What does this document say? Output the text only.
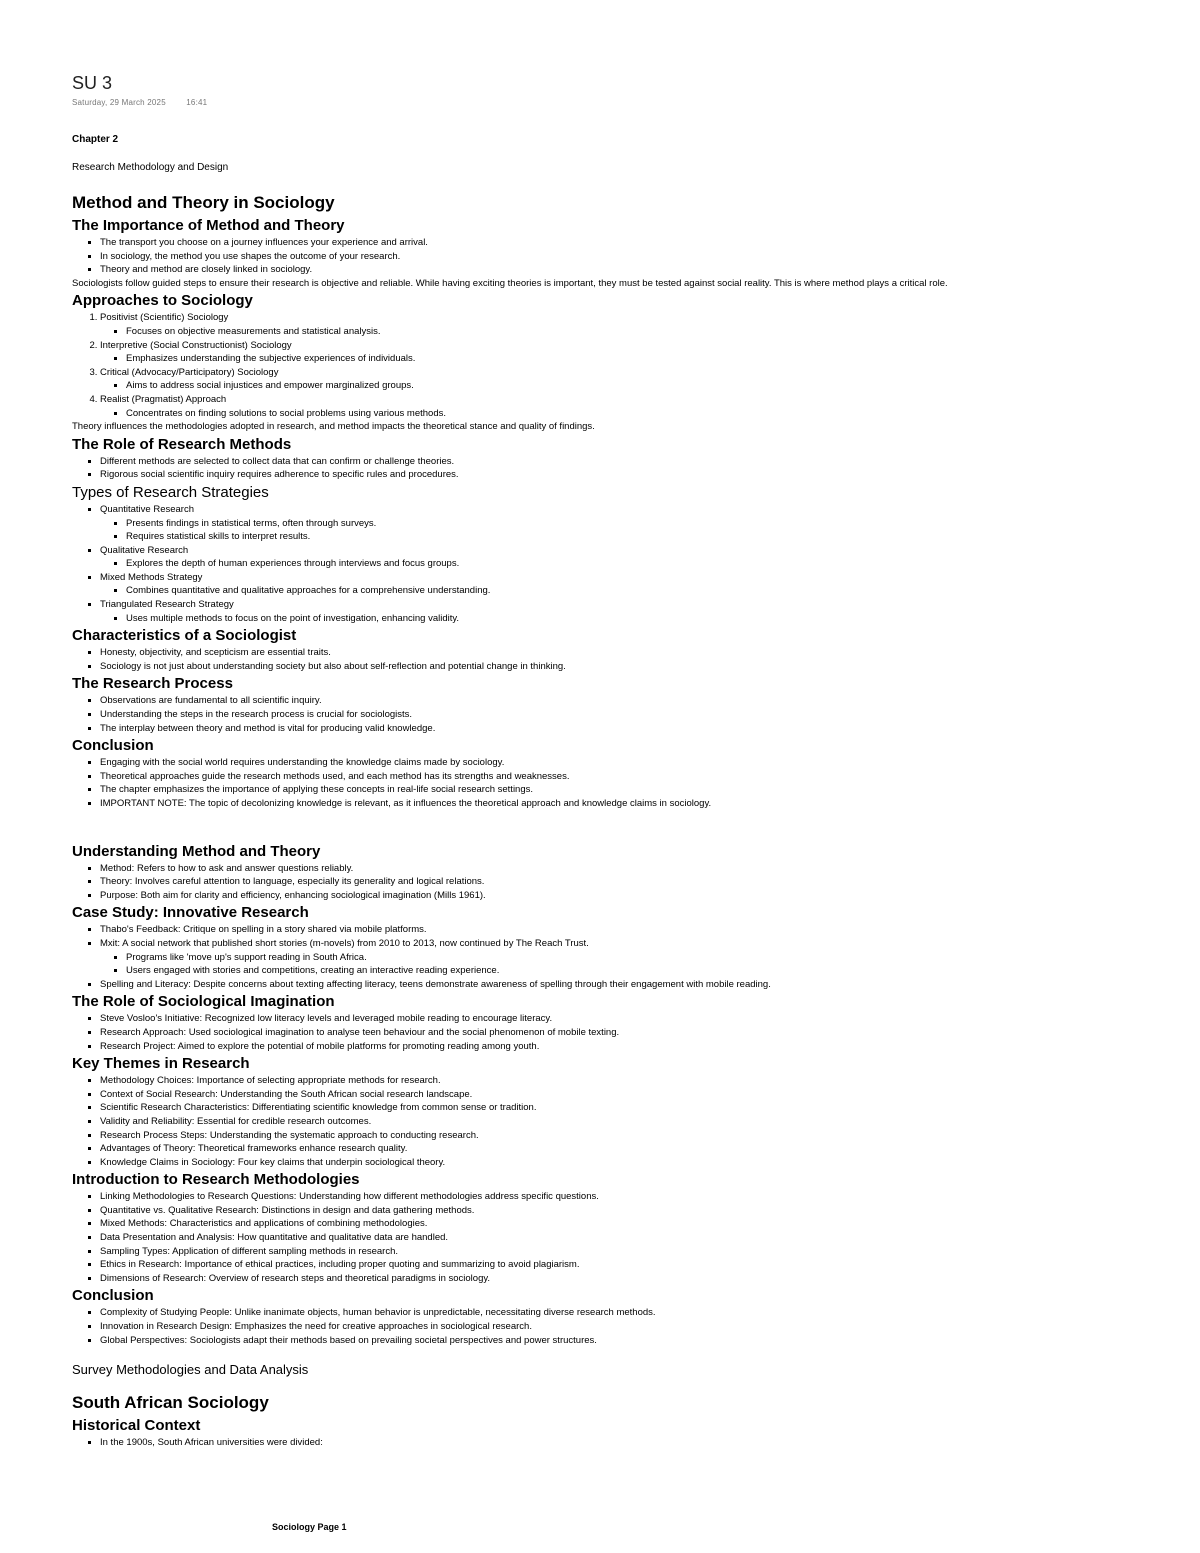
SU 3
Saturday, 29 March 2025	16:41

Chapter 2

Research Methodology and Design

Method and Theory in Sociology
The Importance of Method and Theory
▪ The transport you choose on a journey influences your experience and arrival.
▪ In sociology, the method you use shapes the outcome of your research.
▪ Theory and method are closely linked in sociology.

Sociologists follow guided steps to ensure their research is objective and reliable. While having exciting theories is important, they must be tested against social reality. This is where method plays a critical role.

Approaches to Sociology
1. Positivist (Scientific) Sociology
▪ Focuses on objective measurements and statistical analysis.
2. Interpretive (Social Constructionist) Sociology
▪ Emphasizes understanding the subjective experiences of individuals.
3. Critical (Advocacy/Participatory) Sociology
▪ Aims to address social injustices and empower marginalized groups.
4. Realist (Pragmatist) Approach
▪ Concentrates on finding solutions to social problems using various methods.

Theory influences the methodologies adopted in research, and method impacts the theoretical stance and quality of findings.

The Role of Research Methods
▪ Different methods are selected to collect data that can confirm or challenge theories.
▪ Rigorous social scientific inquiry requires adherence to specific rules and procedures.
Types of Research Strategies
▪ Quantitative Research
▪ Presents findings in statistical terms, often through surveys.
▪ Requires statistical skills to interpret results.
▪ Qualitative Research
▪ Explores the depth of human experiences through interviews and focus groups.
▪ Mixed Methods Strategy
▪ Combines quantitative and qualitative approaches for a comprehensive understanding.
▪ Triangulated Research Strategy
▪ Uses multiple methods to focus on the point of investigation, enhancing validity.
Characteristics of a Sociologist
▪ Honesty, objectivity, and scepticism are essential traits.
▪ Sociology is not just about understanding society but also about self-reflection and potential change in thinking.
The Research Process
▪ Observations are fundamental to all scientific inquiry.
▪ Understanding the steps in the research process is crucial for sociologists.
▪ The interplay between theory and method is vital for producing valid knowledge.
Conclusion
▪ Engaging with the social world requires understanding the knowledge claims made by sociology.
▪ Theoretical approaches guide the research methods used, and each method has its strengths and weaknesses.
▪ The chapter emphasizes the importance of applying these concepts in real-life social research settings.
▪ IMPORTANT NOTE: The topic of decolonizing knowledge is relevant, as it influences the theoretical approach and knowledge claims in sociology.
Understanding Method and Theory
▪ Method: Refers to how to ask and answer questions reliably.
▪ Theory: Involves careful attention to language, especially its generality and logical relations.
▪ Purpose: Both aim for clarity and efficiency, enhancing sociological imagination (Mills 1961).
Case Study: Innovative Research
▪ Thabo's Feedback: Critique on spelling in a story shared via mobile platforms.
▪ Mxit: A social network that published short stories (m-novels) from 2010 to 2013, now continued by The Reach Trust.
▪ Programs like 'move up's support reading in South Africa.
▪ Users engaged with stories and competitions, creating an interactive reading experience.
▪ Spelling and Literacy: Despite concerns about texting affecting literacy, teens demonstrate awareness of spelling through their engagement with mobile reading.
The Role of Sociological Imagination
▪ Steve Vosloo's Initiative: Recognized low literacy levels and leveraged mobile reading to encourage literacy.
▪ Research Approach: Used sociological imagination to analyse teen behaviour and the social phenomenon of mobile texting.
▪ Research Project: Aimed to explore the potential of mobile platforms for promoting reading among youth.
Key Themes in Research
▪ Methodology Choices: Importance of selecting appropriate methods for research.
▪ Context of Social Research: Understanding the South African social research landscape.
▪ Scientific Research Characteristics: Differentiating scientific knowledge from common sense or tradition.
▪ Validity and Reliability: Essential for credible research outcomes.
▪ Research Process Steps: Understanding the systematic approach to conducting research.
▪ Advantages of Theory: Theoretical frameworks enhance research quality.
▪ Knowledge Claims in Sociology: Four key claims that underpin sociological theory.
Introduction to Research Methodologies
▪ Linking Methodologies to Research Questions: Understanding how different methodologies address specific questions.
▪ Quantitative vs. Qualitative Research: Distinctions in design and data gathering methods.
▪ Mixed Methods: Characteristics and applications of combining methodologies.
▪ Data Presentation and Analysis: How quantitative and qualitative data are handled.
▪ Sampling Types: Application of different sampling methods in research.
▪ Ethics in Research: Importance of ethical practices, including proper quoting and summarizing to avoid plagiarism.
▪ Dimensions of Research: Overview of research steps and theoretical paradigms in sociology.
Conclusion
▪ Complexity of Studying People: Unlike inanimate objects, human behavior is unpredictable, necessitating diverse research methods.
▪ Innovation in Research Design: Emphasizes the need for creative approaches in sociological research.
▪ Global Perspectives: Sociologists adapt their methods based on prevailing societal perspectives and power structures.
Survey Methodologies and Data Analysis
South African Sociology
Historical Context
▪ In the 1900s, South African universities were divided:
Sociology Page 1
